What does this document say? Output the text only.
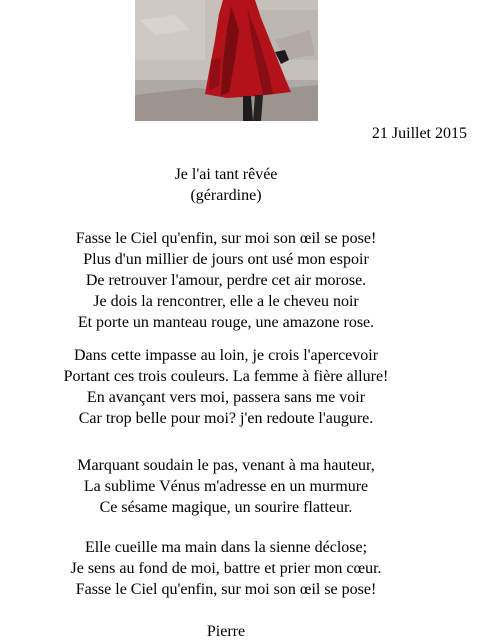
21 Juillet 2015
Je l'ai tant rêvée
(gérardine)
Fasse le Ciel qu'enfin, sur moi son œil se pose!
Plus d'un millier de jours ont usé mon espoir
De retrouver l'amour, perdre cet air morose.
Je dois la rencontrer, elle a le cheveu noir
Et porte un manteau rouge, une amazone rose.
Dans cette impasse au loin, je crois l'apercevoir
Portant ces trois couleurs. La femme à fière allure!
En avançant vers moi, passera sans me voir
Car trop belle pour moi? j'en redoute l'augure.
Marquant soudain le pas, venant à ma hauteur,
La sublime Vénus m'adresse en un murmure
Ce sésame magique, un sourire flatteur.
Elle cueille ma main dans la sienne déclose;
Je sens au fond de moi, battre et prier mon cœur.
Fasse le Ciel qu'enfin, sur moi son œil se pose!
Pierre
